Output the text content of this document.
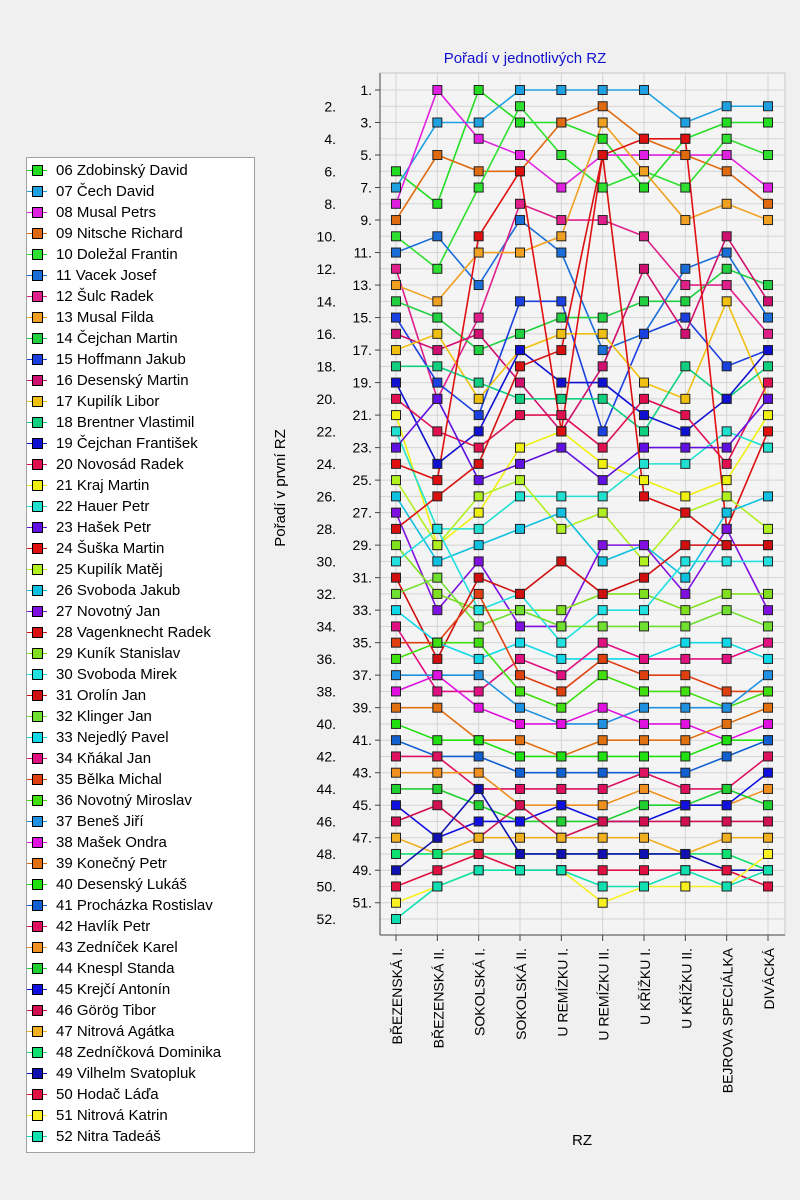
1.
2.
3.
4.
5.
6.
7.
8.
9.
10.
11.
12.
13.
14.
15.
16.
17.
18.
19.
20.
21.
22.
23.
24.
25.
26.
27.
28.
29.
30.
31.
32.
33.
34.
35.
36.
37.
38.
39.
40.
41.
42.
43.
44.
45.
46.
47.
48.
49.
50.
51.
52.
BŘEZENSKÁ I. BŘEZENSKÁ II. SOKOLSKÁ I. SOKOLSKÁ II. U REMÍZKU I. U REMÍZKU II. U KŘÍŽKU I. U KŘÍŽKU II. BEJROVA SPECIÁLKA DIVÁCKÁ
Pořadí v jednotlivých RZ
RZ
Pořadí v první RZ
06 Zdobinský David
07 Čech David
08 Musal Petrs
09 Nitsche Richard
10 Doležal Frantin
11 Vacek Josef
12 Šulc Radek
13 Musal Filda
14 Čejchan Martin
15 Hoffmann Jakub
16 Desenský Martin
17 Kupilík Libor
18 Brentner Vlastimil
19 Čejchan František
20 Novosád Radek
21 Kraj Martin
22 Hauer Petr
23 Hašek Petr
24 Šuška Martin
25 Kupilík Matěj
26 Svoboda Jakub
27 Novotný Jan
28 Vagenknecht Radek
29 Kuník Stanislav
30 Svoboda Mirek
31 Orolín Jan
32 Klinger Jan
33 Nejedlý Pavel
34 Kňákal Jan
35 Bělka Michal
36 Novotný Miroslav
37 Beneš Jiří
38 Mašek Ondra
39 Konečný Petr
40 Desenský Lukáš
41 Procházka Rostislav
42 Havlík Petr
43 Zedníček Karel
44 Knespl Standa
45 Krejčí Antonín
46 Görög Tibor
47 Nitrová Agátka
48 Zedníčková Dominika
49 Vilhelm Svatopluk
50 Hodač Láďa
51 Nitrová Katrin
52 Nitra Tadeáš
